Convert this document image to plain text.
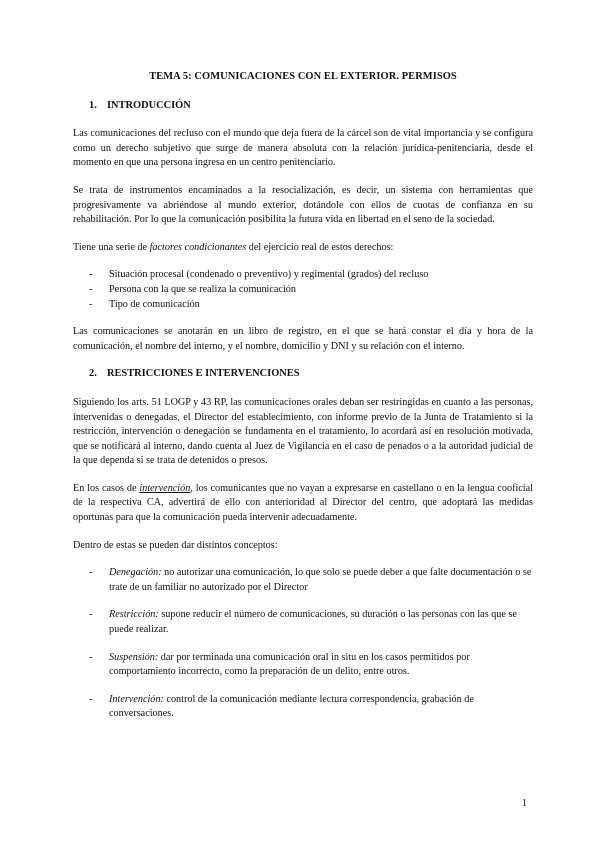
TEMA 5: COMUNICACIONES CON EL EXTERIOR. PERMISOS
1. INTRODUCCIÓN

Las comunicaciones del recluso con el mundo que deja fuera de la cárcel son de vital importancia y se configura como un derecho subjetivo que surge de manera absoluta con la relación jurídica-penitenciaria, desde el momento en que una persona ingresa en un centro penitenciario.

Se trata de instrumentos encaminados a la resocialización, es decir, un sistema con herramientas que progresivamente va abriéndose al mundo exterior, dotándole con ellos de cuotas de confianza en su rehabilitación. Por lo que la comunicación posibilita la futura vida en libertad en el seno de la sociedad.

Tiene una serie de factores condicionantes del ejercicio real de estos derechos:

- Situación procesal (condenado o preventivo) y regimental (grados) del recluso
- Persona con la que se realiza la comunicación
- Tipo de comunicación

Las comunicaciones se anotarán en un libro de registro, en el que se hará constar el día y hora de la comunicación, el nombre del interno, y el nombre, domicilio y DNI y su relación con el interno.

2. RESTRICCIONES E INTERVENCIONES

Siguiendo los arts. 51 LOGP y 43 RP, las comunicaciones orales deban ser restringidas en cuanto a las personas, intervenidas o denegadas, el Director del establecimiento, con informe previo de la Junta de Tratamiento si la restricción, intervención o denegación se fundamenta en el tratamiento, lo acordará así en resolución motivada, que se notificará al interno, dando cuenta al Juez de Vigilancia en el caso de penados o a la autoridad judicial de la que dependa si se trata de detenidos o presos.

En los casos de intervención, los comunicantes que no vayan a expresarse en castellano o en la lengua cooficial de la respectiva CA, advertirá de ello con anterioridad al Director del centro, que adoptará las medidas oportunas para que la comunicación pueda intervenir adecuadamente.

Dentro de estas se pueden dar distintos conceptos:

- Denegación: no autorizar una comunicación, lo que solo se puede deber a que falte documentación o se trate de un familiar no autorizado por el Director
- Restricción: supone reducir el número de comunicaciones, su duración o las personas con las que se puede realizar.
- Suspensión: dar por terminada una comunicación oral in situ en los casos permitidos por comportamiento incorrecto, como la preparación de un delito, entre otros.
- Intervención: control de la comunicación mediante lectura correspondencia, grabación de conversaciones.
1
